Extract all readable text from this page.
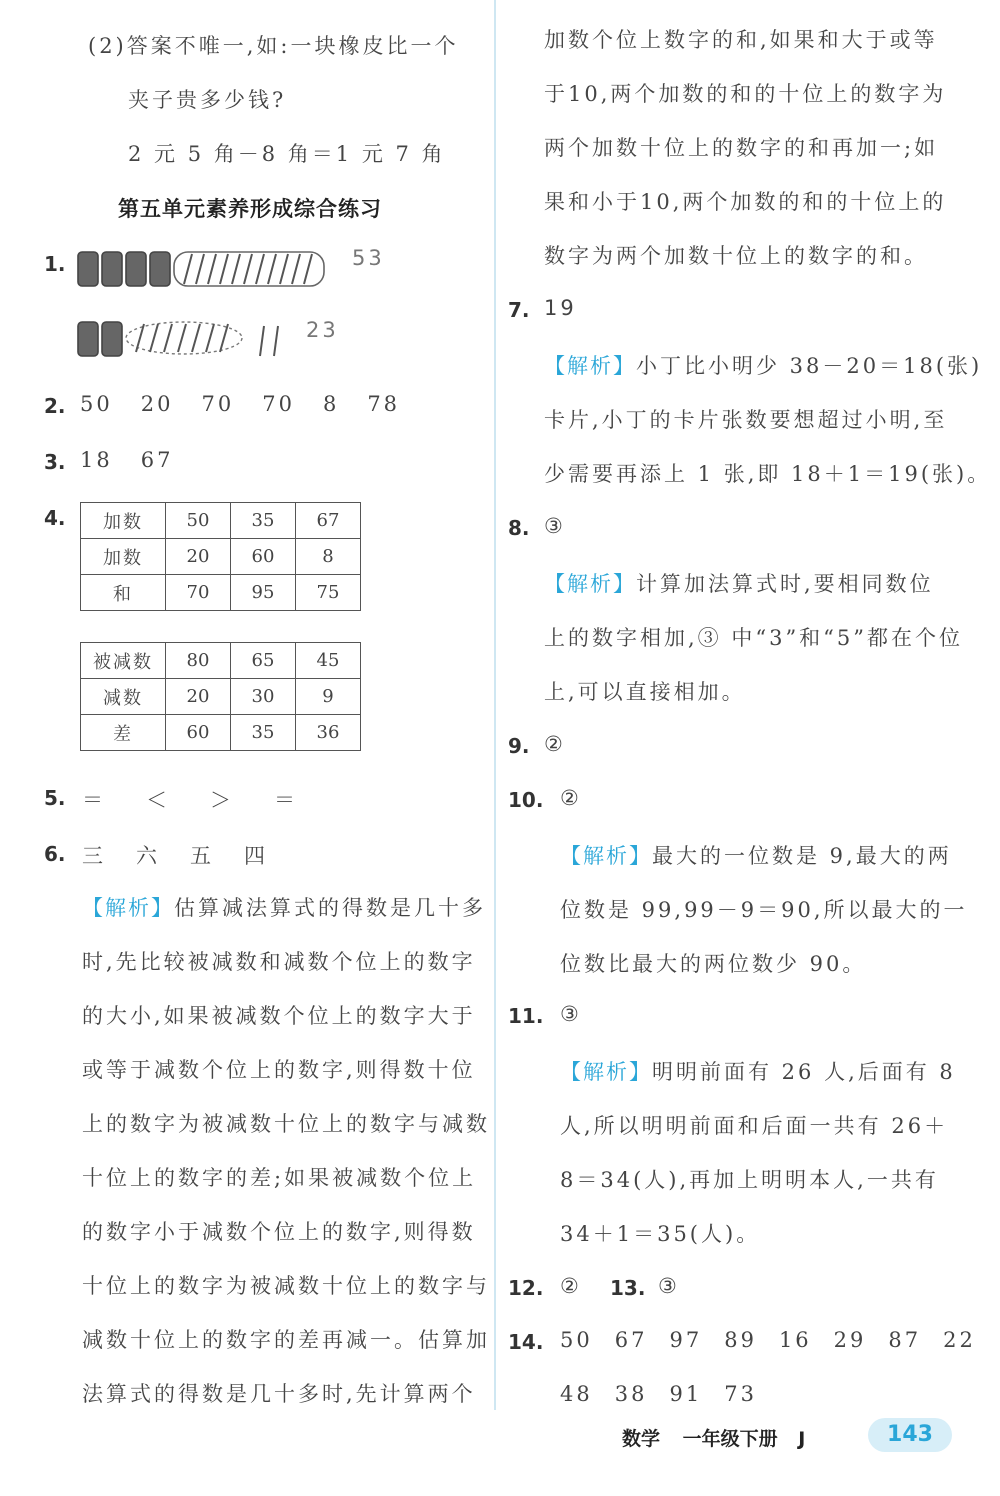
(2)答案不唯一,如:一块橡皮比一个
夹子贵多少钱?
2 元 5 角－8 角＝1 元 7 角
第五单元素养形成综合练习
1.	53
23
2. 50 20 70 70 8 78
3. 18 67
4. 加数	50	35	67
加数	20	60	8
和	70	95	75
被减数	80	65	45
减数	20	30	9
差	60	35	36
5. ＝ ＜ ＞ ＝
6. 三 六 五 四
【解析】估算减法算式的得数是几十多
时,先比较被减数和减数个位上的数字
的大小,如果被减数个位上的数字大于
或等于减数个位上的数字,则得数十位
上的数字为被减数十位上的数字与减数
十位上的数字的差;如果被减数个位上
的数字小于减数个位上的数字,则得数
十位上的数字为被减数十位上的数字与
减数十位上的数字的差再减一。估算加
法算式的得数是几十多时,先计算两个
加数个位上数字的和,如果和大于或等
于10,两个加数的和的十位上的数字为
两个加数十位上的数字的和再加一;如
果和小于10,两个加数的和的十位上的
数字为两个加数十位上的数字的和。
7. 19
【解析】小丁比小明少 38－20＝18(张)
卡片,小丁的卡片张数要想超过小明,至
少需要再添上 1 张,即 18＋1＝19(张)。
8. ③
【解析】计算加法算式时,要相同数位
上的数字相加,③ 中“3”和“5”都在个位
上,可以直接相加。
9. ②
10. ②
【解析】最大的一位数是 9,最大的两
位数是 99,99－9＝90,所以最大的一
位数比最大的两位数少 90。
11. ③
【解析】明明前面有 26 人,后面有 8
人,所以明明前面和后面一共有 26＋
8＝34(人),再加上明明本人,一共有
34＋1＝35(人)。
12. ② 13. ③
14. 50 67 97 89 16 29 87 22
48 38 91 73
数学 一年级下册 J	143
